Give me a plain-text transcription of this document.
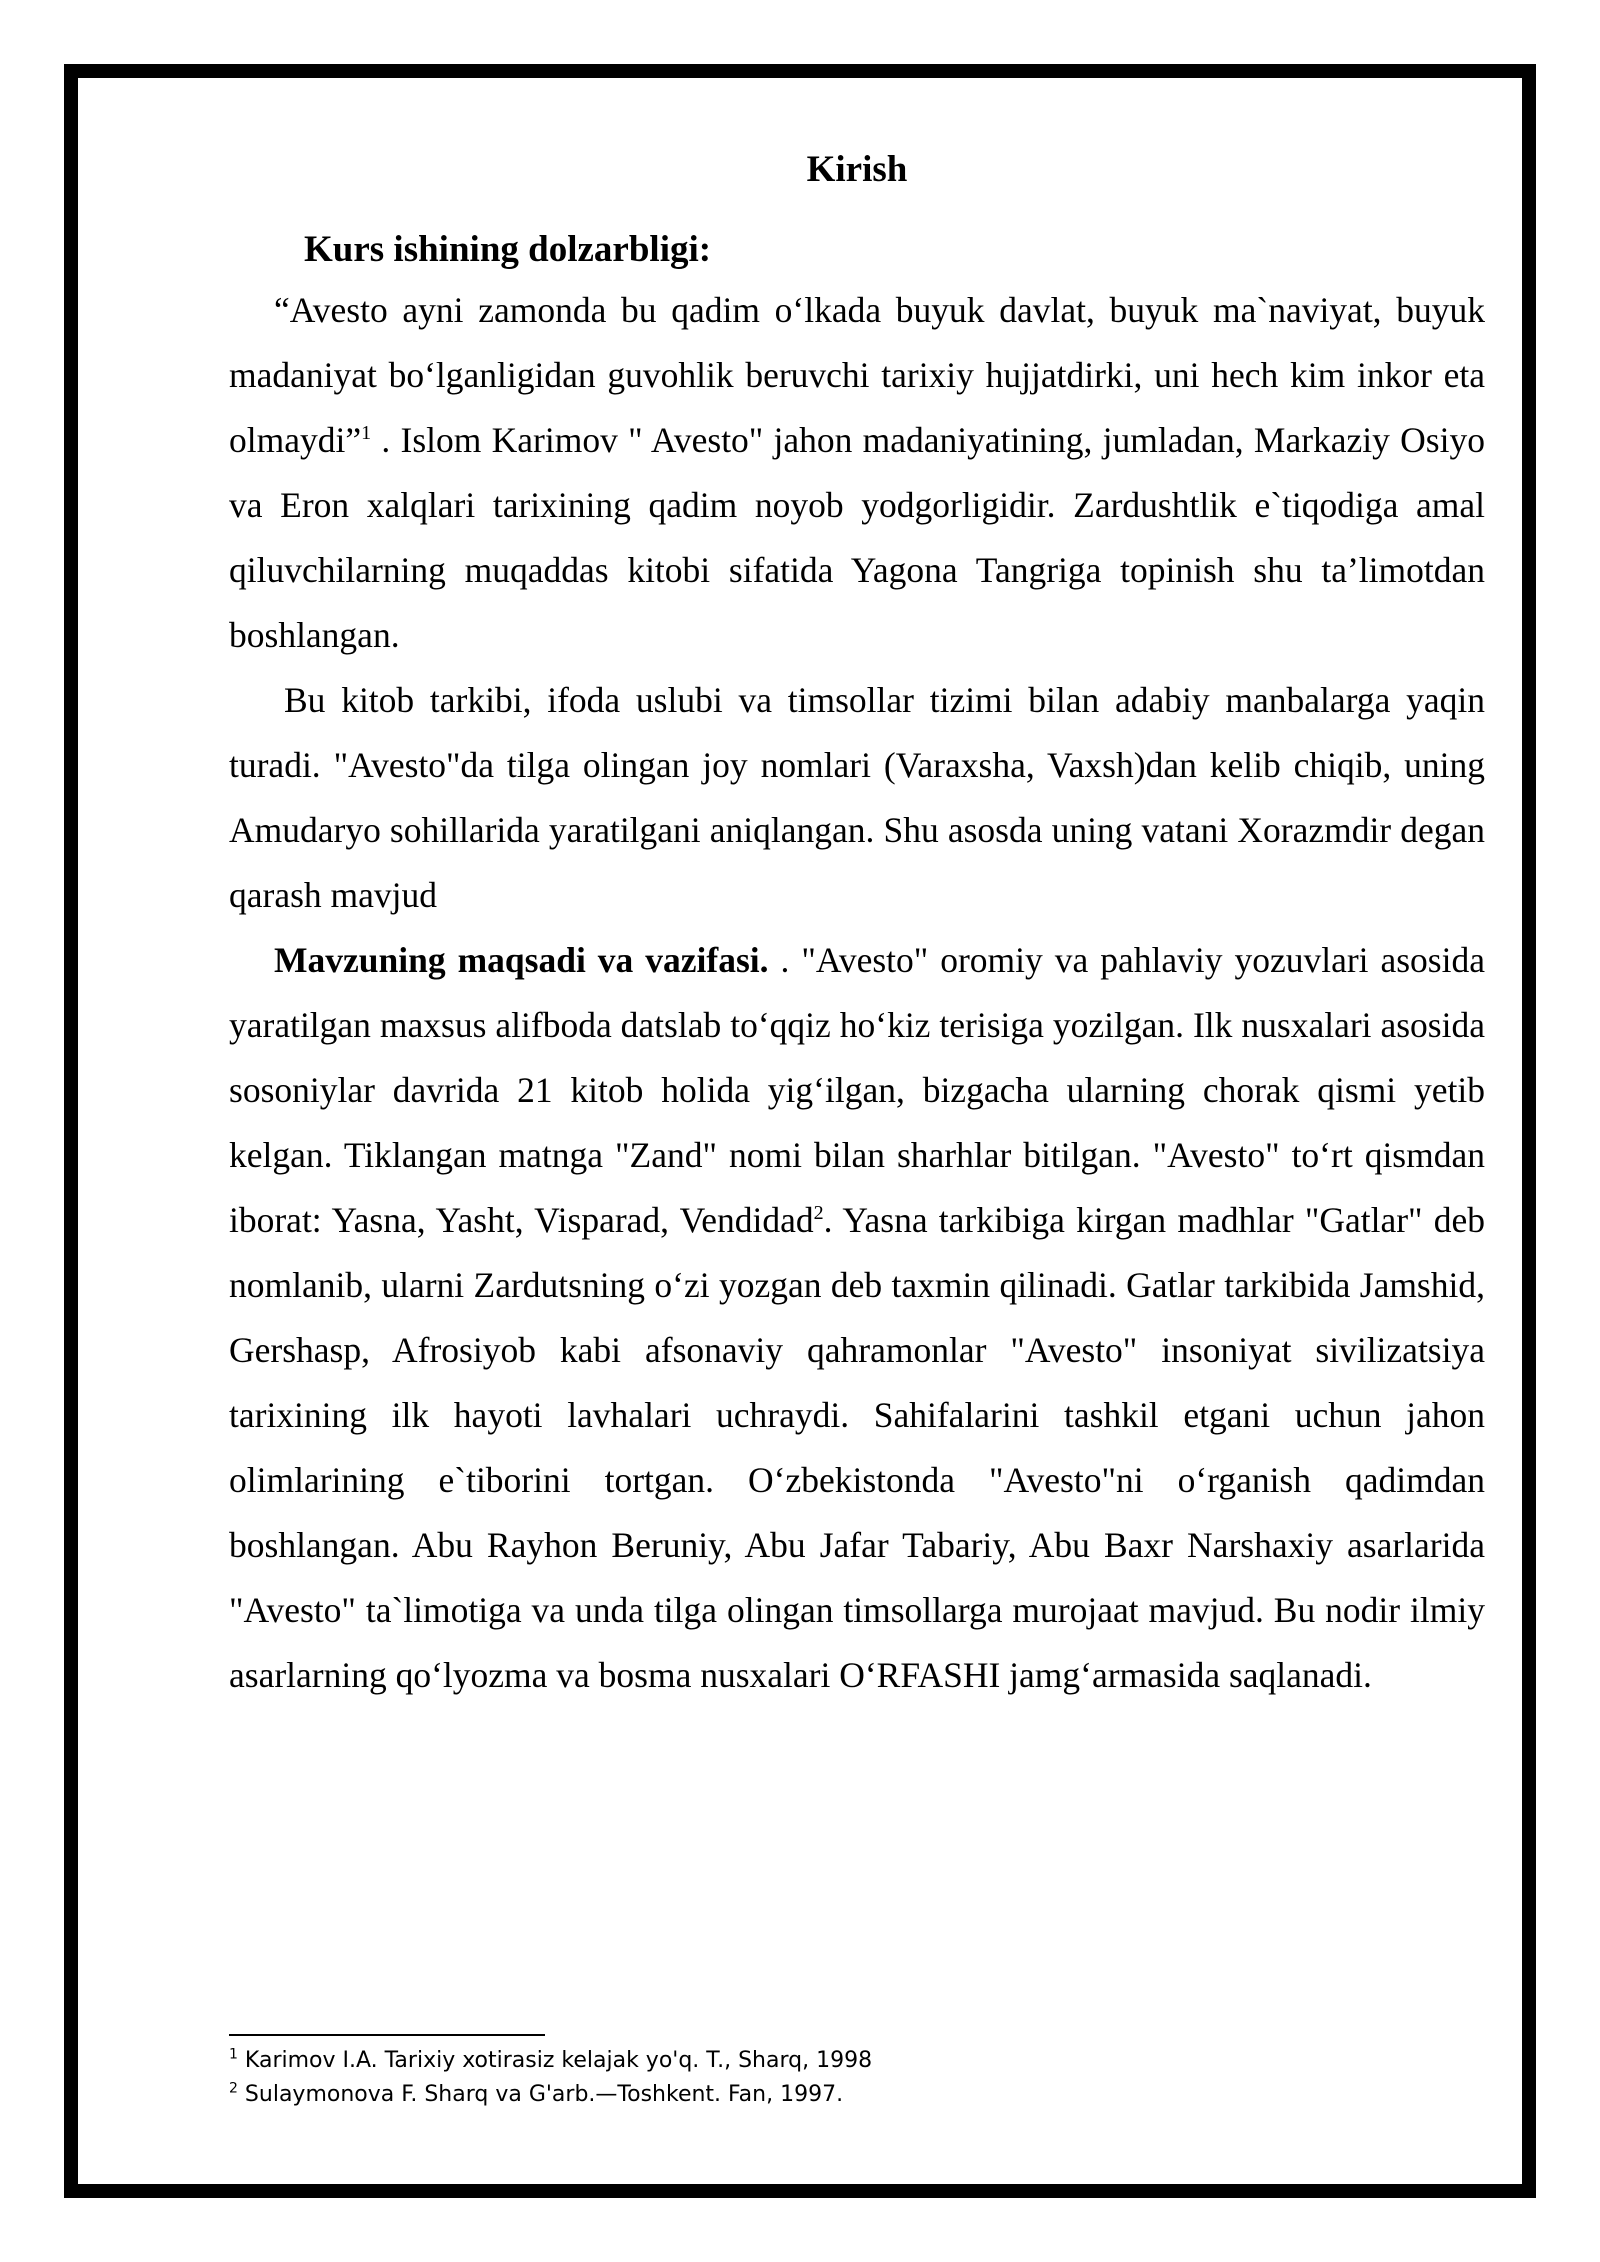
Kirish

Kurs ishining dolzarbligi:

“Avesto ayni zamonda bu qadim o‘lkada buyuk davlat, buyuk ma`naviyat, buyuk madaniyat bo‘lganligidan guvohlik beruvchi tarixiy hujjatdirki, uni hech kim inkor eta olmaydi”$^1$ . Islom Karimov " Avesto" jahon madaniyatining, jumladan, Markaziy Osiyo va Eron xalqlari tarixining qadim noyob yodgorligidir. Zardushtlik e`tiqodiga amal qiluvchilarning muqaddas kitobi sifatida Yagona Tangriga topinish shu ta’limotdan boshlangan.

Bu kitob tarkibi, ifoda uslubi va timsollar tizimi bilan adabiy manbalarga yaqin turadi. "Avesto"da tilga olingan joy nomlari (Varaxsha, Vaxsh)dan kelib chiqib, uning Amudaryo sohillarida yaratilgani aniqlangan. Shu asosda uning vatani Xorazmdir degan qarash mavjud

Mavzuning maqsadi va vazifasi. . "Avesto" oromiy va pahlaviy yozuvlari asosida yaratilgan maxsus alifboda datslab to‘qqiz ho‘kiz terisiga yozilgan. Ilk nusxalari asosida sosoniylar davrida 21 kitob holida yig‘ilgan, bizgacha ularning chorak qismi yetib kelgan. Tiklangan matnga "Zand" nomi bilan sharhlar bitilgan. "Avesto" to‘rt qismdan iborat: Yasna, Yasht, Visparad, Vendidad$^2$. Yasna tarkibiga kirgan madhlar "Gatlar" deb nomlanib, ularni Zardutsning o‘zi yozgan deb taxmin qilinadi. Gatlar tarkibida Jamshid, Gershasp, Afrosiyob kabi afsonaviy qahramonlar "Avesto" insoniyat sivilizatsiya tarixining ilk hayoti lavhalari uchraydi. Sahifalarini tashkil etgani uchun jahon olimlarining e`tiborini tortgan. O‘zbekistonda "Avesto"ni o‘rganish qadimdan boshlangan. Abu Rayhon Beruniy, Abu Jafar Tabariy, Abu Baxr Narshaxiy asarlarida "Avesto" ta`limotiga va unda tilga olingan timsollarga murojaat mavjud. Bu nodir ilmiy asarlarning qo‘lyozma va bosma nusxalari O‘RFASHI jamg‘armasida saqlanadi.

$^1$ Karimov I.A. Tarixiy xotirasiz kelajak yo'q. T., Sharq, 1998
$^2$ Sulaymonova F. Sharq va G'arb.—Toshkent. Fan, 1997.
